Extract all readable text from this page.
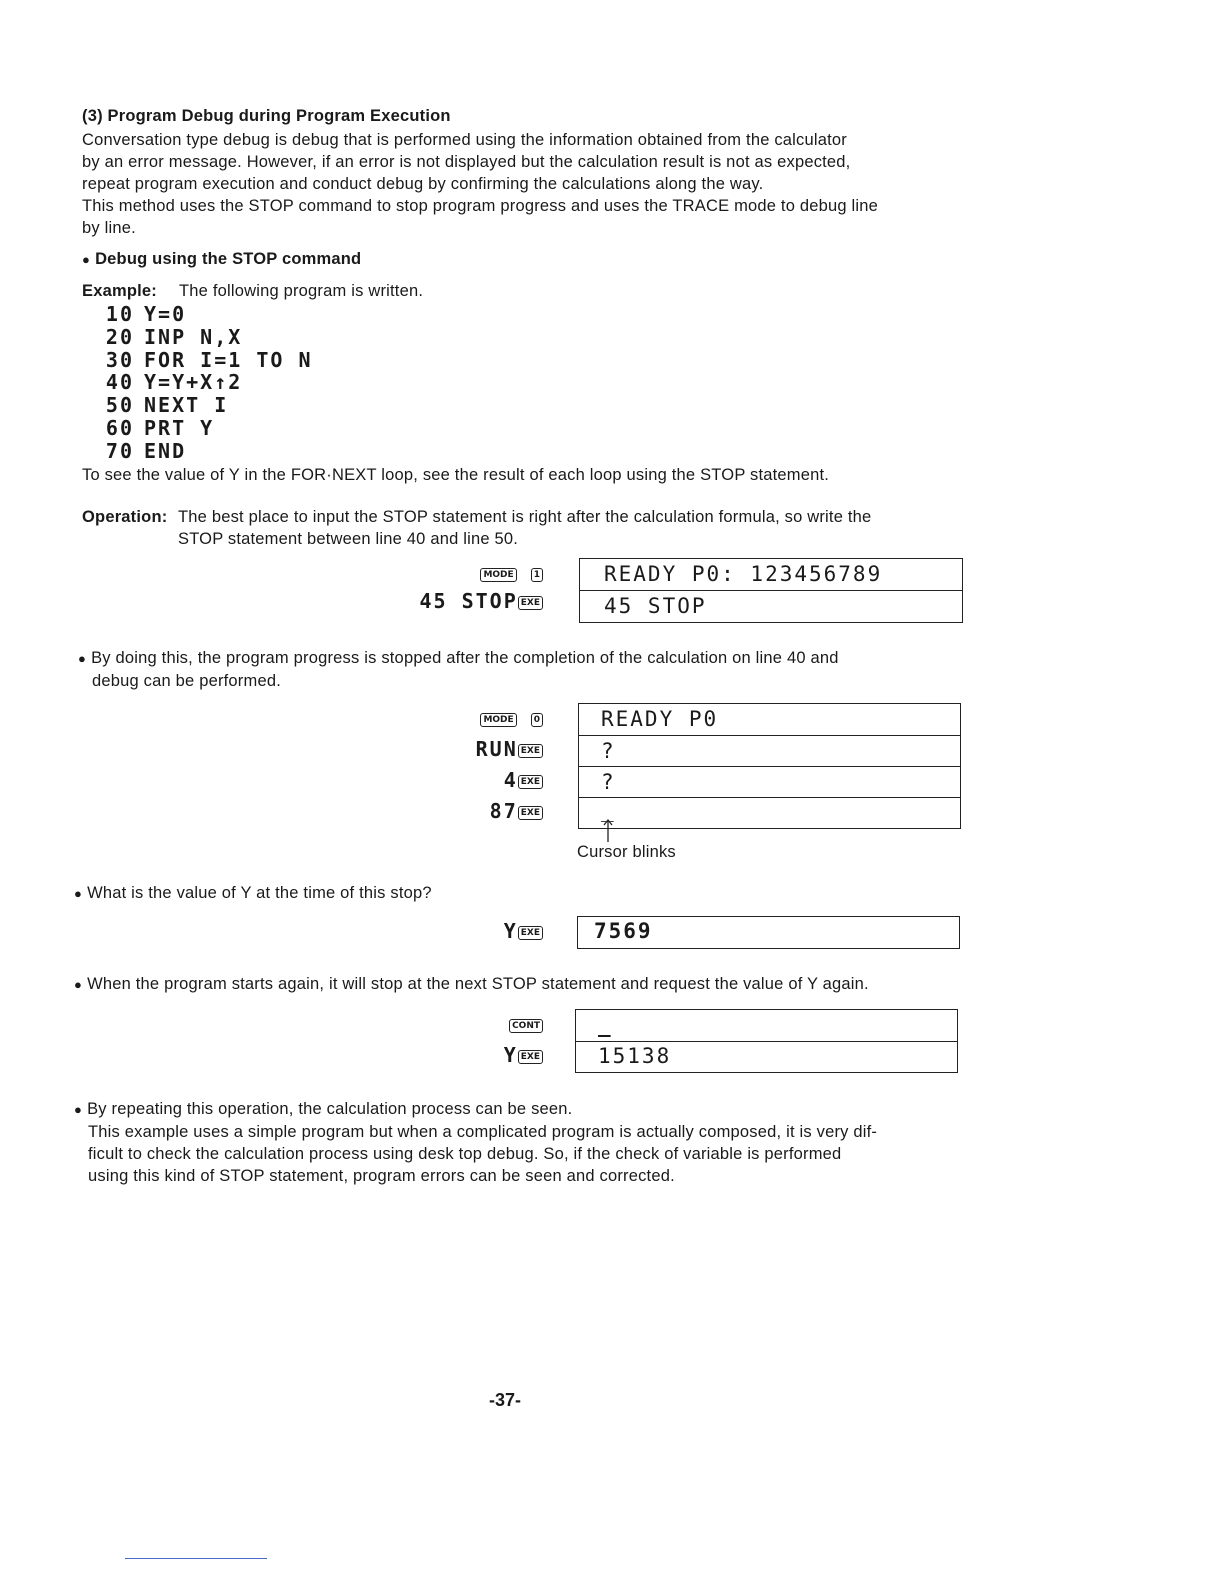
(3) Program Debug during Program Execution
Conversation type debug is debug that is performed using the information obtained from the calculator
by an error message. However, if an error is not displayed but the calculation result is not as expected,
repeat program execution and conduct debug by confirming the calculations along the way.
This method uses the STOP command to stop program progress and uses the TRACE mode to debug line
by line.
● Debug using the STOP command
Example: The following program is written.
10 Y=0
20 INP N,X
30 FOR I=1 TO N
40 Y=Y+X↑2
50 NEXT I
60 PRT Y
70 END
To see the value of Y in the FOR·NEXT loop, see the result of each loop using the STOP statement.
Operation: The best place to input the STOP statement is right after the calculation formula, so write the
STOP statement between line 40 and line 50.
MODE 1
45 STOP EXE
READY P0: 123456789
45 STOP
● By doing this, the program progress is stopped after the completion of the calculation on line 40 and
debug can be performed.
MODE 0
RUN EXE
4 EXE
87 EXE
READY P0
?
?
_
Cursor blinks
● What is the value of Y at the time of this stop?
Y EXE	7569
● When the program starts again, it will stop at the next STOP statement and request the value of Y again.
CONT
Y EXE
_
15138
● By repeating this operation, the calculation process can be seen.
This example uses a simple program but when a complicated program is actually composed, it is very dif-
ficult to check the calculation process using desk top debug. So, if the check of variable is performed
using this kind of STOP statement, program errors can be seen and corrected.
-37-
